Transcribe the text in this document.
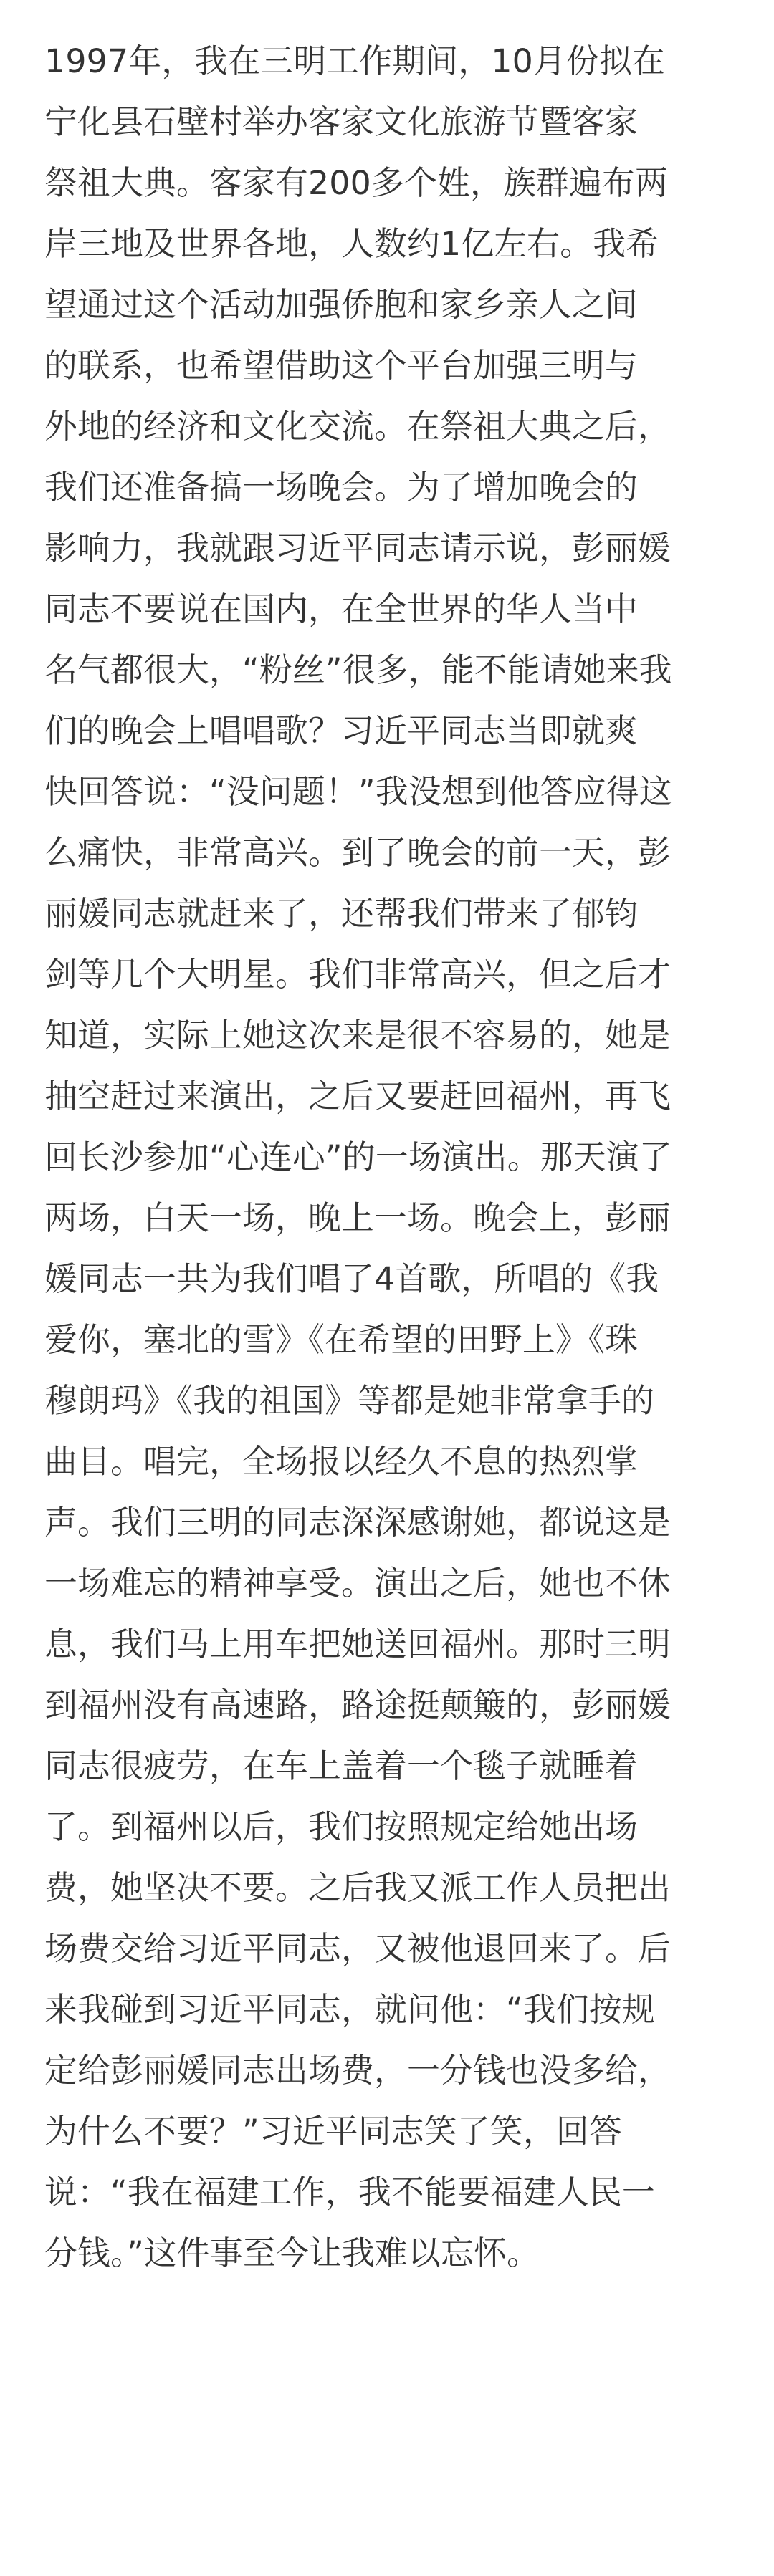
1997年，我在三明工作期间，10月份拟在
宁化县石壁村举办客家文化旅游节暨客家
祭祖大典。客家有200多个姓，族群遍布两
岸三地及世界各地，人数约1亿左右。我希
望通过这个活动加强侨胞和家乡亲人之间
的联系，也希望借助这个平台加强三明与
外地的经济和文化交流。在祭祖大典之后，
我们还准备搞一场晚会。为了增加晚会的
影响力，我就跟习近平同志请示说，彭丽媛
同志不要说在国内，在全世界的华人当中
名气都很大，“粉丝”很多，能不能请她来我
们的晚会上唱唱歌？习近平同志当即就爽
快回答说：“没问题！”我没想到他答应得这
么痛快，非常高兴。到了晚会的前一天，彭
丽媛同志就赶来了，还帮我们带来了郁钧
剑等几个大明星。我们非常高兴，但之后才
知道，实际上她这次来是很不容易的，她是
抽空赶过来演出，之后又要赶回福州，再飞
回长沙参加“心连心”的一场演出。那天演了
两场，白天一场，晚上一场。晚会上，彭丽
媛同志一共为我们唱了4首歌，所唱的《我
爱你，塞北的雪》《在希望的田野上》《珠
穆朗玛》《我的祖国》等都是她非常拿手的
曲目。唱完，全场报以经久不息的热烈掌
声。我们三明的同志深深感谢她，都说这是
一场难忘的精神享受。演出之后，她也不休
息，我们马上用车把她送回福州。那时三明
到福州没有高速路，路途挺颠簸的，彭丽媛
同志很疲劳，在车上盖着一个毯子就睡着
了。到福州以后，我们按照规定给她出场
费，她坚决不要。之后我又派工作人员把出
场费交给习近平同志，又被他退回来了。后
来我碰到习近平同志，就问他：“我们按规
定给彭丽媛同志出场费，一分钱也没多给，
为什么不要？”习近平同志笑了笑，回答
说：“我在福建工作，我不能要福建人民一
分钱。”这件事至今让我难以忘怀。
